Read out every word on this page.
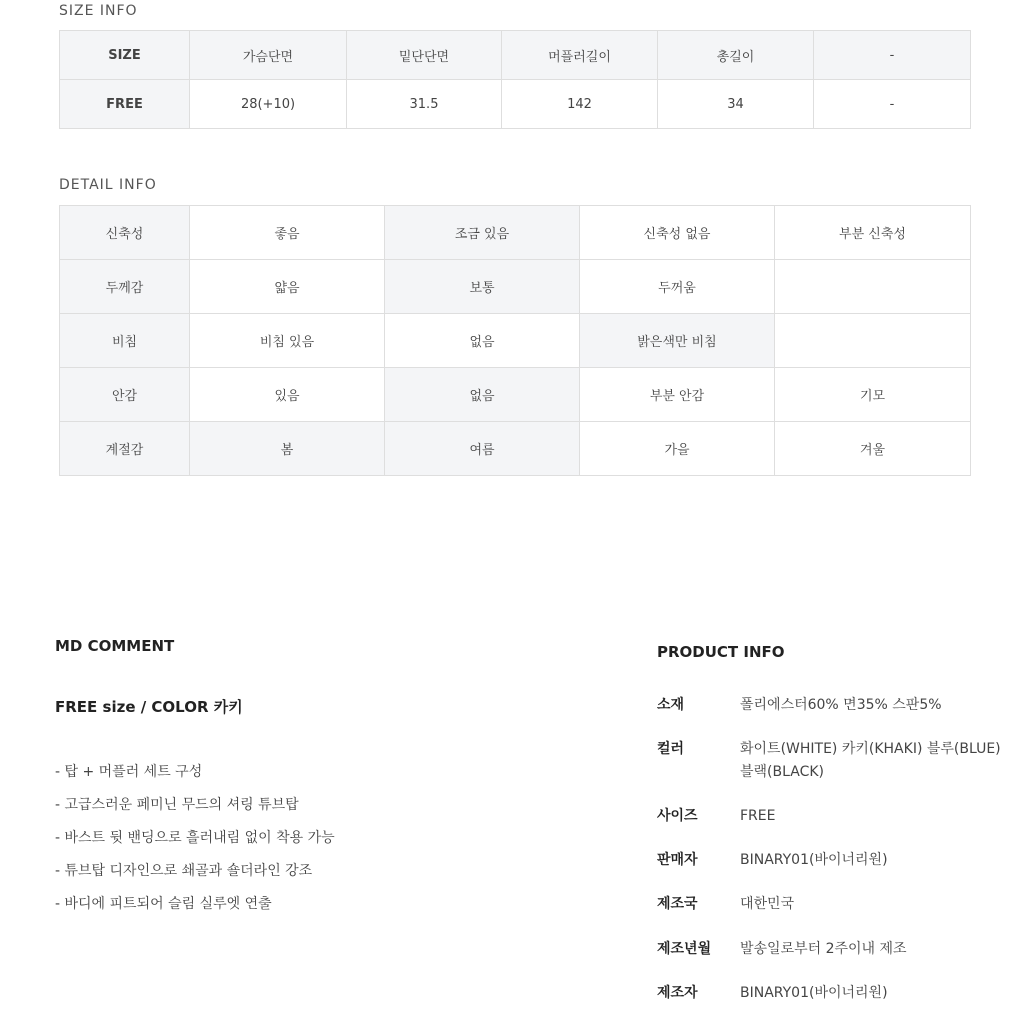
SIZE INFO
SIZE	가슴단면	밑단단면	머플러길이	총길이	-
FREE	28(+10)	31.5	142	34	-
DETAIL INFO
신축성	좋음	조금 있음	신축성 없음	부분 신축성
두께감	얇음	보통	두꺼움	
비침	비침 있음	없음	밝은색만 비침	
안감	있음	없음	부분 안감	기모
계절감	봄	여름	가을	겨울
MD COMMENT
FREE size / COLOR 카키
- 탑 + 머플러 세트 구성
- 고급스러운 페미닌 무드의 셔링 튜브탑
- 바스트 뒷 밴딩으로 흘러내림 없이 착용 가능
- 튜브탑 디자인으로 쇄골과 숄더라인 강조
- 바디에 피트되어 슬림 실루엣 연출
PRODUCT INFO
소재	폴리에스터60% 면35% 스판5%
컬러	화이트(WHITE) 카키(KHAKI) 블루(BLUE)
블랙(BLACK)
사이즈	FREE
판매자	BINARY01(바이너리원)
제조국	대한민국
제조년월	발송일로부터 2주이내 제조
제조자	BINARY01(바이너리원)
